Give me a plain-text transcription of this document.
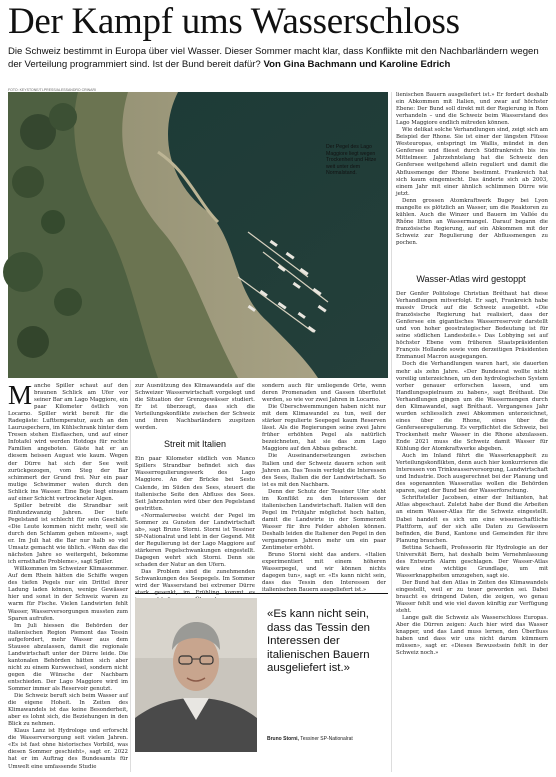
Der Kampf ums Wasserschloss

Die Schweiz bestimmt in Europa über viel Wasser. Dieser Sommer macht klar, dass Konflikte mit den Nachbarländern wegen der Verteilung programmiert sind. Ist der Bund bereit dafür? Von Gina Bachmann und Karoline Edrich

FOTO: KEYSTONE/TI-PRESS/ALESSANDRO CRINARI
Der Pegel des Lago Maggiore liegt wegen Trockenheit und Hitze weit unter dem Normalstand.
M anche Spiller schaut auf den braunen Schlick am Ufer vor seiner Bar am Lago Maggiore, ein paar Kilometer östlich von Locarno. Spiller wirkt bereit für die Radegäste: Lufttemperatur, auch an den Lauruspechern, im Kühlschrank hinter dem Tresen stehen Eisflaschen, und auf einer Infotafel wird werden Hotdogs für rechte Familien angeboten. Gäste hat er an diesem heissen August wie kaum. Wegen der Dürre hat sich der See weit zurückgezogen, vom Steg der Bar schimmert der Grund frei. Nur ein paar mutige Schwimmer waten durch den Schlick ins Wasser. Eine Boje liegt einsam auf einer Schicht vertrockneter Algen.

Spiller betreibt die Strandbar seit fünfundzwanzig Jahren. Der tiefe Pegelstand ist schlecht für sein Geschäft. «Die Leute kommen nicht mehr, weil sie durch den Schlamm gehen müssen», sagt er. Im Juli hat die Bar nur halb so viel Umsatz gemacht wie üblich. «Wenn das die nächsten Jahre so weitergeht, bekomme ich ernsthafte Probleme», sagt Spiller.

Willkommen im Schweizer Klimasommer. Auf dem Rhein hätten die Schiffe wegen des tiefen Pegels nur ein Drittel ihrer Ladung laden können, wenige Gewässer hier und sonst in der Schweiz waren zu warm für Fische. Vielen Landwirten fehlt Wasser, Wasserversorgungen mussten zum Sparen aufrufen.

Im Juli hiessen die Behörden der italienischen Region Piemont das Tessin aufgefordert, mehr Wasser aus dem Stausee abzulassen, damit die regionale Landwirtschaft unter der Dürre leide. Die kantonalen Behörden hätten sich aber nicht zu einem Kurswechsel, sondern nicht gegen die Wünsche der Nachbarn entschieden. Der Lago Maggiore wird im Sommer immer als Reservoir genutzt.

Die Schweiz beruft sich beim Wasser auf die eigene Hoheit. In Zeiten des Klimawandels ist das keine Besonderheit, aber es lohnt sich, die Beziehungen in den Blick zu nehmen.

Klaus Lanz ist Hydrologe und erforscht die Wasserversorgung seit vielen Jahren. «Es ist fast ohne historisches Vorbild, was diesen Sommer geschieht», sagt er. 2022 hat er im Auftrag des Bundesamts für Umwelt eine umfassende Studie

zur Ausnützung des Klimawandels auf die Schweizer Wasserwirtschaft vorgelegt und die Situation der Grenzgewässer studiert. Er ist überzeugt, dass sich die Verteilungskonflikte zwischen der Schweiz und ihren Nachbarländern zuspitzen werden.

Streit mit Italien

Ein paar Kilometer südlich von Manco Spillers Strandbar befindet sich das Wasserregulierungswerk des Lago Maggiore. An der Brücke bei Sesto Calende, im Süden des Sees, steuert die italienische Seite den Abfluss des Sees. Seit Jahrzehnten wird über den Pegelstand gestritten.

«Normalerweise weicht der Pegel im Sommer zu Gunsten der Landwirtschaft ab», sagt Bruno Storni. Storni ist Tessiner SP-Nationalrat und lebt in der Gegend. Mit der Regulierung ist der Lago Maggiore auf stärkeren Pegelschwankungen eingestellt. Dagegen wehrt sich Storni. Denn sie schaden der Natur an den Ufern.

Das Problem sind die zunehmenden Schwankungen des Seepegels. Im Sommer wird der Wasserstand bei extremer Dürre

sondern auch für umliegende Orte, wenn deren Promenaden und Gassen überflutet werden, so wie vor zwei Jahren in Locarno.

Die Überschwemmungen haben nicht nur mit dem Klimawandel zu tun, weil der stärker regulierte Seepegel kaum Reserven lässt. Als die Regierungen seine zwei Jahre früher erhöhten Pegel als natürlich bezeichneten, hat sie das zum Lago Maggiore auf den Abbau gebracht.

Die Auseinandersetzungen zwischen Italien und der Schweiz dauern schon seit Jahren an. Das Tessin verfolgt die Interessen des Sees, Italien die der Landwirtschaft. So ist es mit den Nachbarn.

Denn der Schutz der Tessiner Ufer steht im Konflikt zu den Interessen der italienischen Landwirtschaft. Italien will den Pegel im Frühjahr möglichst hoch halten, damit die Landwirte in der Sommerzeit Wasser für ihre Felder abholen können. Deshalb leiden die Italiener den Pegel in den vergangenen Jahren mehr um ein paar Zentimeter erhöht.

Bruno Storni sieht das anders. «Italien experimentiert mit einem höheren Wasserpegel, und wir können nichts dagegen tun», sagt er. «Es kann nicht sein, dass das Tessin den Interessen der italienischen Bauern ausgeliefert ist.»

«Es kann nicht sein, dass das Tessin den Interessen der italienischen Bauern ausgeliefert ist.»

Bruno Storni, Tessiner SP-Nationalrat

lienischen Bauern ausgeliefert ist.» Er fordert deshalb ein Abkommen mit Italien, und zwar auf höchster Ebene: Der Bund soll direkt mit der Regierung in Rom verhandeln – und die Schweiz beim Wasserstand des Lago Maggiore endlich mitreden können.

Wie delikat solche Verhandlungen sind, zeigt sich am Beispiel der Rhone. Sie ist einer der längsten Flüsse Westeuropas, entspringt im Wallis, mündet in den Genfersee und fliesst durch Südfrankreich bis ins Mittelmeer. Jahrzehntelang hat die Schweiz den Genfersee weitgehend allein reguliert und damit die Abflussmenge der Rhone bestimmt. Frankreich hat sich kaum eingemischt. Das änderte sich ab 2003, einem Jahr mit einer ähnlich schlimmen Dürre wie jetzt.

Denn grossen Atomkraftwerk Bugey bei Lyon mangelte es plötzlich an Wasser, um die Reaktoren zu kühlen. Auch die Winzer und Bauern im Vallée du Rhône litten an Wassermangel. Darauf begann die französische Regierung, auf ein Abkommen mit der Schweiz zur Regulierung der Abflussmengen zu pochen.

Wasser-Atlas wird gestoppt

Der Genfer Politologe Christian Bréthaut hat diese Verhandlungen mitverfolgt. Er sagt, Frankreich habe massiv Druck auf die Schweiz ausgeübt. «Die französische Regierung hat realisiert, dass der Genfersee ein gigantisches Wasserreservoir darstellt und von hoher geostrategischer Bedeutung ist für seine südlichen Landesteile.» Das Lobbying sei auf höchster Ebene vom früheren Staatspräsidenten François Hollande sowie vom derzeitigen Präsidenten Emmanuel Macron ausgegangen.

Doch die Verhandlungen waren hart, sie dauerten mehr als zehn Jahre. «Der Bundesrat wollte nicht voreilig unterzeichnen, um den hydrologischen System vorher genauer erforschen lassen, und um Handlungsspielraum zu haben», sagt Bréthaut. Die Verhandlungen gingen um die Wassermengen durch den Klimawandel, sagt Bréthaut. Vergangenes Jahr wurden schliesslich zwei Abkommen unterzeichnet, eines über die Rhone, eines über die Genferseeregulierung. Es verpflichtet die Schweiz, bei Trockenheit mehr Wasser in die Rhone abzulassen. Ende 2021 muss die Schweiz damit Wasser für Kühlung der Atomkraftwerke abgeben.

Auch im Inland führt die Wasserknappheit zu Verteilungskonflikten, denn auch hier konkurrieren die Interessen von Trinkwasserversorgung, Landwirtschaft und Industrie. Doch ausgerechnet bei der Planung und des sogenannten Wasseratlas wollen die Behörden sparen, sagt der Bund bei der Wasserforschung.

Schriftsteller Jacobsen, einer der Initianten, hat Atlas abgeschaut. Zuletzt habe der Bund die Arbeiten an einem Wasser-Atlas für die Schweiz eingestellt. Dabei handelt es sich um eine wissenschaftliche Plattform, auf der sich alle Daten zu Gewässern befinden, die Bund, Kantone und Gemeinden für ihre Planung brauchen.

Bettina Schaefli, Professorin für Hydrologie an der Universität Bern, hat deshalb beim Vernehmlassung des Entwurfs Alarm geschlagen. Der Wasser-Atlas wäre eine wichtige Grundlage, um mit Wasserknappheiten umzugehen, sagt sie.

Der Bund hat den Atlas in Zeiten des Klimawandels eingestellt, weil er zu teuer geworden sei. Dabei braucht es dringend Daten, die zeigen, wo genau Wasser fehlt und wie viel davon künftig zur Verfügung steht.

Lange galt die Schweiz als Wasserschloss Europas. Aber die Dürren zeigen: Auch hier wird das Wasser knapper, und das Land muss lernen, den Überfluss haben und dass wir uns nicht darum kümmern müssen», sagt er. «Dieses Bewusstsein fehlt in der Schweiz noch.»
